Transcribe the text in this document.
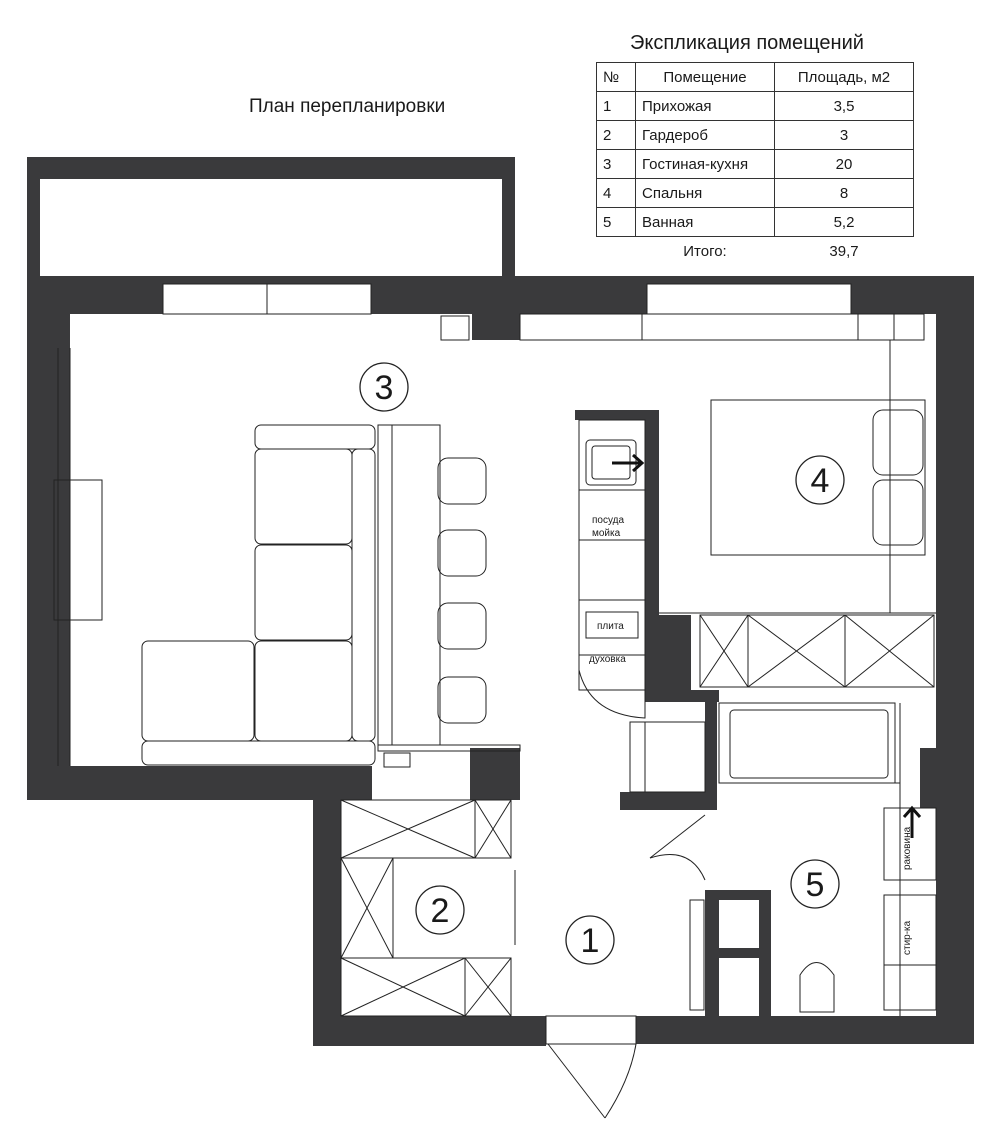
План перепланировки
Экспликация помещений
№	Помещение	Площадь, м2
1	Прихожая	3,5
2	Гардероб	3
3	Гостиная-кухня	20
4	Спальня	8
5	Ванная	5,2
	Итого:	39,7
1
2
3
4
5
посуда
мойка
плита
духовка
раковина
стир-ка
